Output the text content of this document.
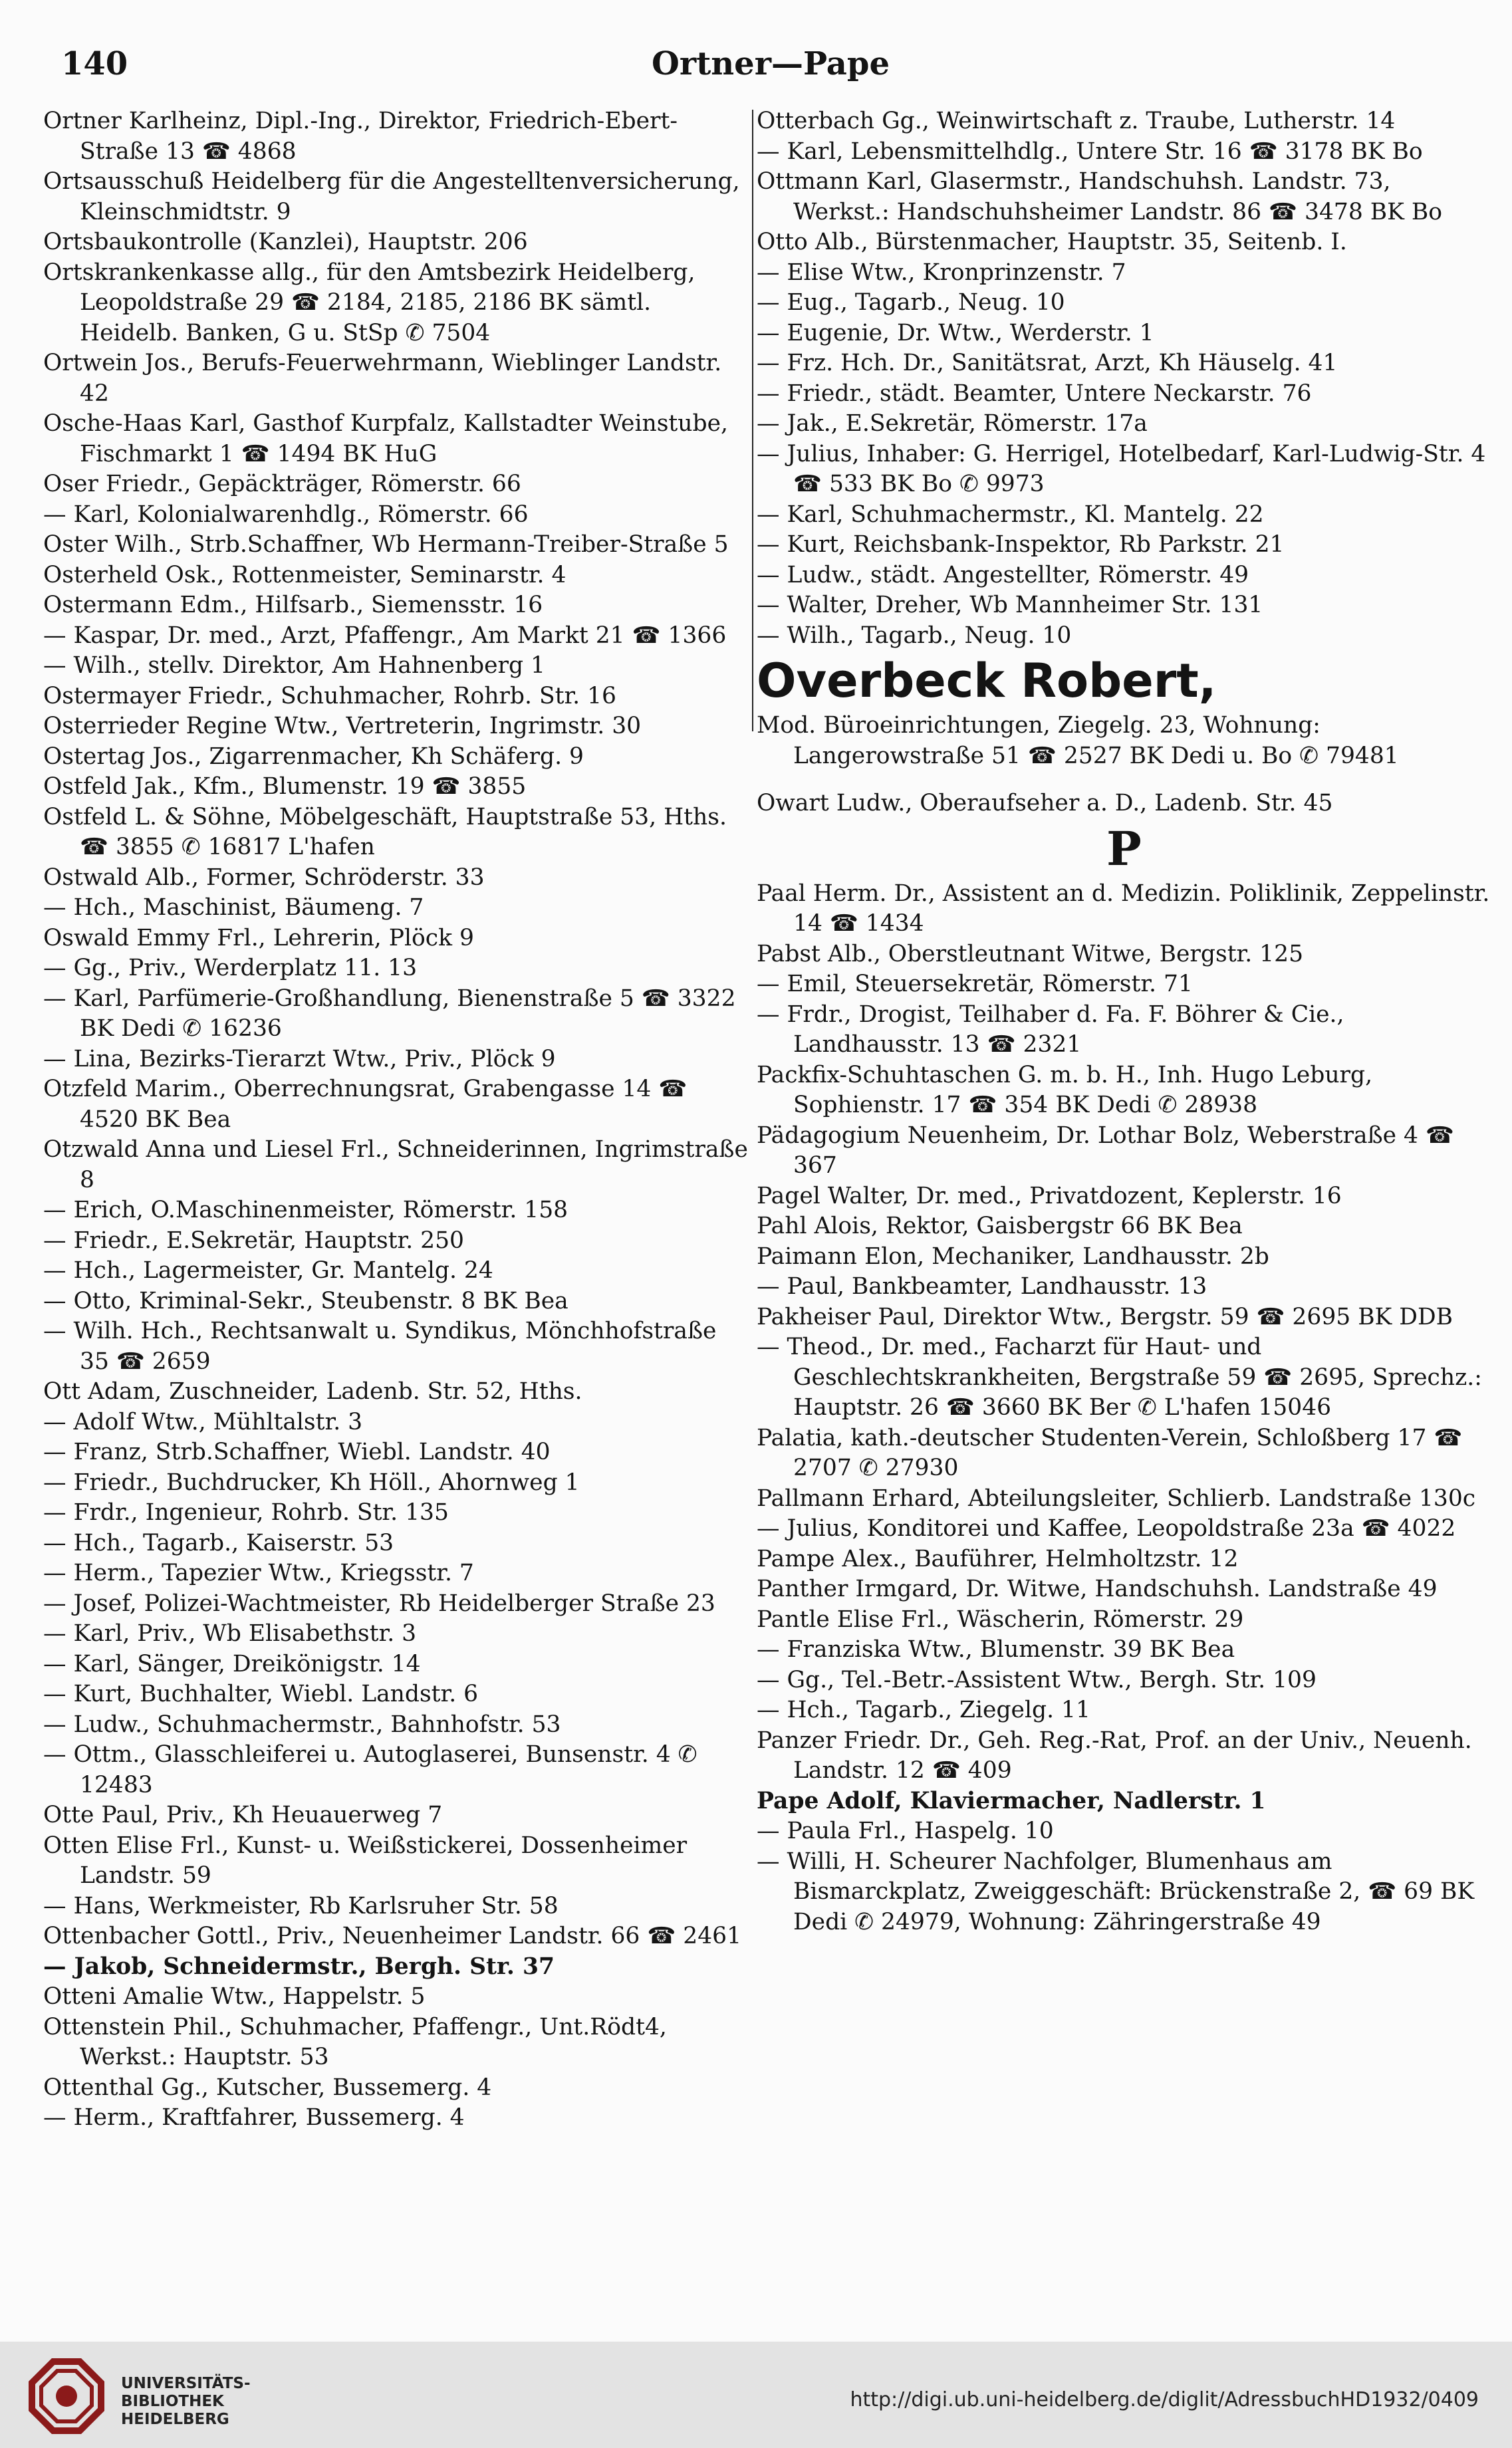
140	Ortner—Pape
Ortner Karlheinz, Dipl.-Ing., Direktor, Friedrich-Ebert-Straße 13 ☎ 4868
Ortsausschuß Heidelberg für die Angestelltenversicherung, Kleinschmidtstr. 9
Ortsbaukontrolle (Kanzlei), Hauptstr. 206
Ortskrankenkasse allg., für den Amtsbezirk Heidelberg, Leopoldstraße 29 ☎ 2184, 2185, 2186 BK sämtl. Heidelb. Banken, G u. StSp ✆ 7504
Ortwein Jos., Berufs-Feuerwehrmann, Wieblinger Landstr. 42
Osche-Haas Karl, Gasthof Kurpfalz, Kallstadter Weinstube, Fischmarkt 1 ☎ 1494 BK HuG
Oser Friedr., Gepäckträger, Römerstr. 66
— Karl, Kolonialwarenhdlg., Römerstr. 66
Oster Wilh., Strb.Schaffner, Wb Hermann-Treiber-Straße 5
Osterheld Osk., Rottenmeister, Seminarstr. 4
Ostermann Edm., Hilfsarb., Siemensstr. 16
— Kaspar, Dr. med., Arzt, Pfaffengr., Am Markt 21 ☎ 1366
— Wilh., stellv. Direktor, Am Hahnenberg 1
Ostermayer Friedr., Schuhmacher, Rohrb. Str. 16
Osterrieder Regine Wtw., Vertreterin, Ingrimstr. 30
Ostertag Jos., Zigarrenmacher, Kh Schäferg. 9
Ostfeld Jak., Kfm., Blumenstr. 19 ☎ 3855
Ostfeld L. & Söhne, Möbelgeschäft, Hauptstraße 53, Hths. ☎ 3855 ✆ 16817 L'hafen
Ostwald Alb., Former, Schröderstr. 33
— Hch., Maschinist, Bäumeng. 7
Oswald Emmy Frl., Lehrerin, Plöck 9
— Gg., Priv., Werderplatz 11. 13
— Karl, Parfümerie-Großhandlung, Bienenstraße 5 ☎ 3322 BK Dedi ✆ 16236
— Lina, Bezirks-Tierarzt Wtw., Priv., Plöck 9
Otzfeld Marim., Oberrechnungsrat, Grabengasse 14 ☎ 4520 BK Bea
Otzwald Anna und Liesel Frl., Schneiderinnen, Ingrimstraße 8
— Erich, O.Maschinenmeister, Römerstr. 158
— Friedr., E.Sekretär, Hauptstr. 250
— Hch., Lagermeister, Gr. Mantelg. 24
— Otto, Kriminal-Sekr., Steubenstr. 8 BK Bea
— Wilh. Hch., Rechtsanwalt u. Syndikus, Mönchhofstraße 35 ☎ 2659
Ott Adam, Zuschneider, Ladenb. Str. 52, Hths.
— Adolf Wtw., Mühltalstr. 3
— Franz, Strb.Schaffner, Wiebl. Landstr. 40
— Friedr., Buchdrucker, Kh Höll., Ahornweg 1
— Frdr., Ingenieur, Rohrb. Str. 135
— Hch., Tagarb., Kaiserstr. 53
— Herm., Tapezier Wtw., Kriegsstr. 7
— Josef, Polizei-Wachtmeister, Rb Heidelberger Straße 23
— Karl, Priv., Wb Elisabethstr. 3
— Karl, Sänger, Dreikönigstr. 14
— Kurt, Buchhalter, Wiebl. Landstr. 6
— Ludw., Schuhmachermstr., Bahnhofstr. 53
— Ottm., Glasschleiferei u. Autoglaserei, Bunsenstr. 4 ✆ 12483
Otte Paul, Priv., Kh Heuauerweg 7
Otten Elise Frl., Kunst- u. Weißstickerei, Dossenheimer Landstr. 59
— Hans, Werkmeister, Rb Karlsruher Str. 58
Ottenbacher Gottl., Priv., Neuenheimer Landstr. 66 ☎ 2461
— Jakob, Schneidermstr., Bergh. Str. 37
Otteni Amalie Wtw., Happelstr. 5
Ottenstein Phil., Schuhmacher, Pfaffengr., Unt.Rödt4, Werkst.: Hauptstr. 53
Ottenthal Gg., Kutscher, Bussemerg. 4
— Herm., Kraftfahrer, Bussemerg. 4
Otterbach Gg., Weinwirtschaft z. Traube, Lutherstr. 14
— Karl, Lebensmittelhdlg., Untere Str. 16 ☎ 3178 BK Bo
Ottmann Karl, Glasermstr., Handschuhsh. Landstr. 73, Werkst.: Handschuhsheimer Landstr. 86 ☎ 3478 BK Bo
Otto Alb., Bürstenmacher, Hauptstr. 35, Seitenb. I.
— Elise Wtw., Kronprinzenstr. 7
— Eug., Tagarb., Neug. 10
— Eugenie, Dr. Wtw., Werderstr. 1
— Frz. Hch. Dr., Sanitätsrat, Arzt, Kh Häuselg. 41
— Friedr., städt. Beamter, Untere Neckarstr. 76
— Jak., E.Sekretär, Römerstr. 17a
— Julius, Inhaber: G. Herrigel, Hotelbedarf, Karl-Ludwig-Str. 4 ☎ 533 BK Bo ✆ 9973
— Karl, Schuhmachermstr., Kl. Mantelg. 22
— Kurt, Reichsbank-Inspektor, Rb Parkstr. 21
— Ludw., städt. Angestellter, Römerstr. 49
— Walter, Dreher, Wb Mannheimer Str. 131
— Wilh., Tagarb., Neug. 10
Overbeck Robert,
Mod. Büroeinrichtungen, Ziegelg. 23, Wohnung: Langerowstraße 51 ☎ 2527 BK Dedi u. Bo ✆ 79481
Owart Ludw., Oberaufseher a. D., Ladenb. Str. 45
P
Paal Herm. Dr., Assistent an d. Medizin. Poliklinik, Zeppelinstr. 14 ☎ 1434
Pabst Alb., Oberstleutnant Witwe, Bergstr. 125
— Emil, Steuersekretär, Römerstr. 71
— Frdr., Drogist, Teilhaber d. Fa. F. Böhrer & Cie., Landhausstr. 13 ☎ 2321
Packfix-Schuhtaschen G. m. b. H., Inh. Hugo Leburg, Sophienstr. 17 ☎ 354 BK Dedi ✆ 28938
Pädagogium Neuenheim, Dr. Lothar Bolz, Weberstraße 4 ☎ 367
Pagel Walter, Dr. med., Privatdozent, Keplerstr. 16
Pahl Alois, Rektor, Gaisbergstr 66 BK Bea
Paimann Elon, Mechaniker, Landhausstr. 2b
— Paul, Bankbeamter, Landhausstr. 13
Pakheiser Paul, Direktor Wtw., Bergstr. 59 ☎ 2695 BK DDB
— Theod., Dr. med., Facharzt für Haut- und Geschlechtskrankheiten, Bergstraße 59 ☎ 2695, Sprechz.: Hauptstr. 26 ☎ 3660 BK Ber ✆ L'hafen 15046
Palatia, kath.-deutscher Studenten-Verein, Schloßberg 17 ☎ 2707 ✆ 27930
Pallmann Erhard, Abteilungsleiter, Schlierb. Landstraße 130c
— Julius, Konditorei und Kaffee, Leopoldstraße 23a ☎ 4022
Pampe Alex., Bauführer, Helmholtzstr. 12
Panther Irmgard, Dr. Witwe, Handschuhsh. Landstraße 49
Pantle Elise Frl., Wäscherin, Römerstr. 29
— Franziska Wtw., Blumenstr. 39 BK Bea
— Gg., Tel.-Betr.-Assistent Wtw., Bergh. Str. 109
— Hch., Tagarb., Ziegelg. 11
Panzer Friedr. Dr., Geh. Reg.-Rat, Prof. an der Univ., Neuenh. Landstr. 12 ☎ 409
Pape Adolf, Klaviermacher, Nadlerstr. 1
— Paula Frl., Haspelg. 10
— Willi, H. Scheurer Nachfolger, Blumenhaus am Bismarckplatz, Zweiggeschäft: Brückenstraße 2, ☎ 69 BK Dedi ✆ 24979, Wohnung: Zähringerstraße 49
UNIVERSITÄTS-
BIBLIOTHEK
HEIDELBERG
http://digi.ub.uni-heidelberg.de/diglit/AdressbuchHD1932/0409
